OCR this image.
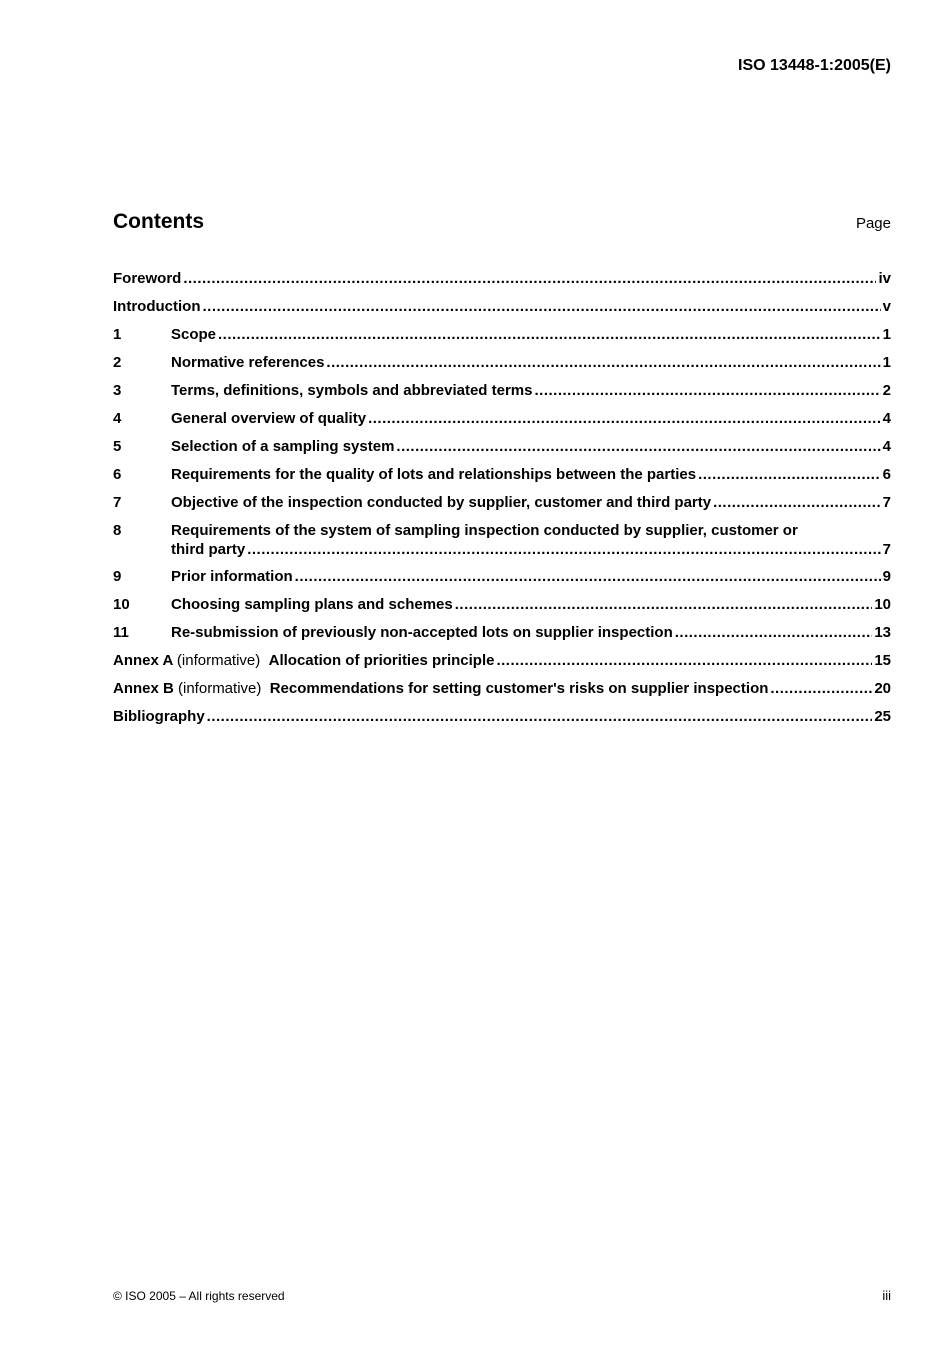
ISO 13448-1:2005(E)
Contents	Page
Foreword .....	iv
Introduction .....	v
1	Scope .....	1
2	Normative references .....	1
3	Terms, definitions, symbols and abbreviated terms .....	2
4	General overview of quality .....	4
5	Selection of a sampling system .....	4
6	Requirements for the quality of lots and relationships between the parties .....	6
7	Objective of the inspection conducted by supplier, customer and third party .....	7
8	Requirements of the system of sampling inspection conducted by supplier, customer or
third party .....	7
9	Prior information .....	9
10	Choosing sampling plans and schemes .....	10
11	Re-submission of previously non-accepted lots on supplier inspection .....	13
Annex A (informative) Allocation of priorities principle .....	15
Annex B (informative) Recommendations for setting customer's risks on supplier inspection .....	20
Bibliography .....	25
© ISO 2005 – All rights reserved	iii
